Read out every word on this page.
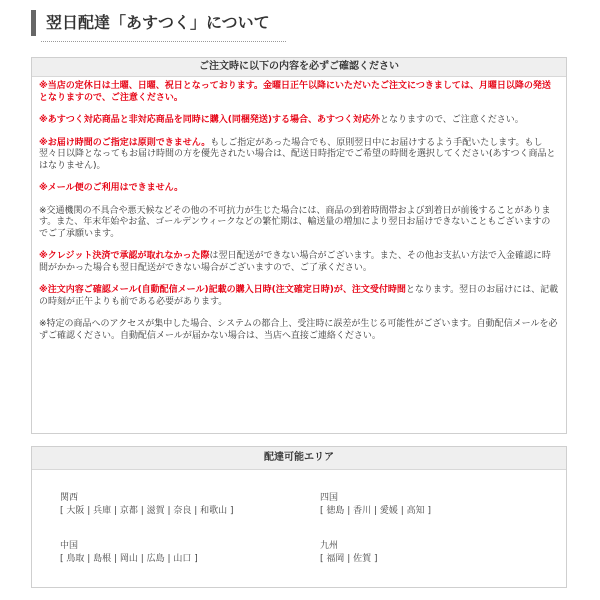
翌日配達「あすつく」について
ご注文時に以下の内容を必ずご確認ください

※当店の定休日は土曜、日曜、祝日となっております。金曜日正午以降にいただいたご注文につきましては、月曜日以降の発送となりますので、ご注意ください。

※あすつく対応商品と非対応商品を同時に購入(同梱発送)する場合、あすつく対応外となりますので、ご注意ください。

※お届け時間のご指定は原則できません。もしご指定があった場合でも、原則翌日中にお届けするよう手配いたします。もし翌々日以降となってもお届け時間の方を優先されたい場合は、配送日時指定でご希望の時間を選択してください(あすつく商品とはなりません)。

※メール便のご利用はできません。

※交通機関の不具合や悪天候などその他の不可抗力が生じた場合には、商品の到着時間帯および到着日が前後することがあります。また、年末年始やお盆、ゴールデンウィークなどの繁忙期は、輸送量の増加により翌日お届けできないこともございますのでご了承願います。

※クレジット決済で承認が取れなかった際は翌日配送ができない場合がございます。また、その他お支払い方法で入金確認に時間がかかった場合も翌日配送ができない場合がございますので、ご了承ください。

※注文内容ご確認メール(自動配信メール)記載の購入日時(注文確定日時)が、注文受付時間となります。翌日のお届けには、記載の時刻が正午よりも前である必要があります。

※特定の商品へのアクセスが集中した場合、システムの都合上、受注時に誤差が生じる可能性がございます。自動配信メールを必ずご確認ください。自動配信メールが届かない場合は、当店へ直接ご連絡ください。

配達可能エリア
関西
[ 大阪 | 兵庫 | 京都 | 滋賀 | 奈良 | 和歌山 ]
四国
[ 徳島 | 香川 | 愛媛 | 高知 ]
中国
[ 鳥取 | 島根 | 岡山 | 広島 | 山口 ]
九州
[ 福岡 | 佐賀 ]
